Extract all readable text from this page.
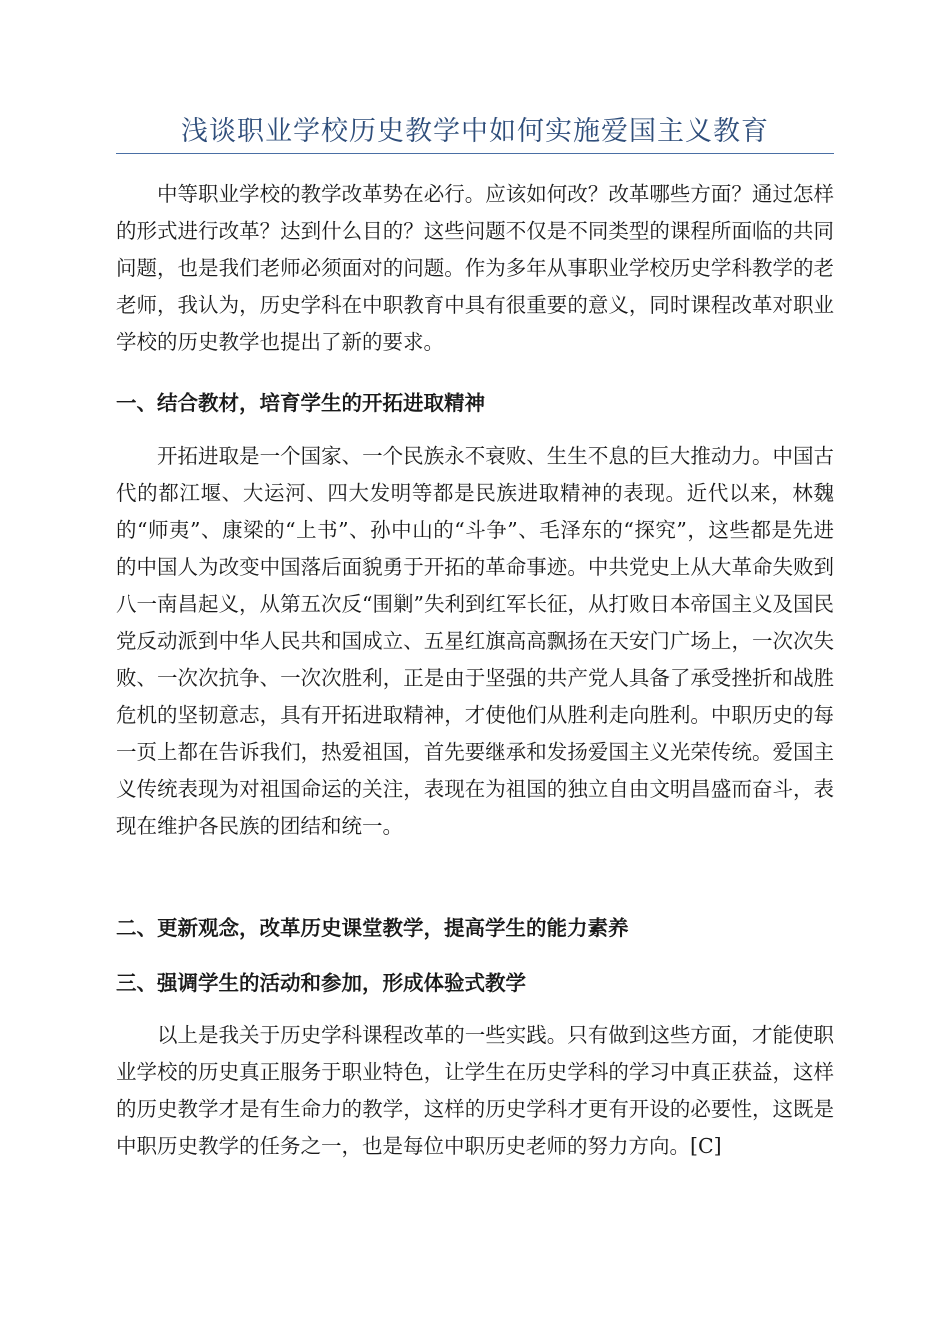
浅谈职业学校历史教学中如何实施爱国主义教育

中等职业学校的教学改革势在必行。应该如何改？改革哪些方面？通过怎样的形式进行改革？达到什么目的？这些问题不仅是不同类型的课程所面临的共同问题，也是我们老师必须面对的问题。作为多年从事职业学校历史学科教学的老老师，我认为，历史学科在中职教育中具有很重要的意义，同时课程改革对职业学校的历史教学也提出了新的要求。

一、结合教材，培育学生的开拓进取精神

开拓进取是一个国家、一个民族永不衰败、生生不息的巨大推动力。中国古代的都江堰、大运河、四大发明等都是民族进取精神的表现。近代以来，林魏的“师夷”、康梁的“上书”、孙中山的“斗争”、毛泽东的“探究”，这些都是先进的中国人为改变中国落后面貌勇于开拓的革命事迹。中共党史上从大革命失败到八一南昌起义，从第五次反“围剿”失利到红军长征，从打败日本帝国主义及国民党反动派到中华人民共和国成立、五星红旗高高飘扬在天安门广场上，一次次失败、一次次抗争、一次次胜利，正是由于坚强的共产党人具备了承受挫折和战胜危机的坚韧意志，具有开拓进取精神，才使他们从胜利走向胜利。中职历史的每一页上都在告诉我们，热爱祖国，首先要继承和发扬爱国主义光荣传统。爱国主义传统表现为对祖国命运的关注，表现在为祖国的独立自由文明昌盛而奋斗，表现在维护各民族的团结和统一。

二、更新观念，改革历史课堂教学，提高学生的能力素养
三、强调学生的活动和参加，形成体验式教学

以上是我关于历史学科课程改革的一些实践。只有做到这些方面，才能使职业学校的历史真正服务于职业特色，让学生在历史学科的学习中真正获益，这样的历史教学才是有生命力的教学，这样的历史学科才更有开设的必要性，这既是中职历史教学的任务之一，也是每位中职历史老师的努力方向。[C]
